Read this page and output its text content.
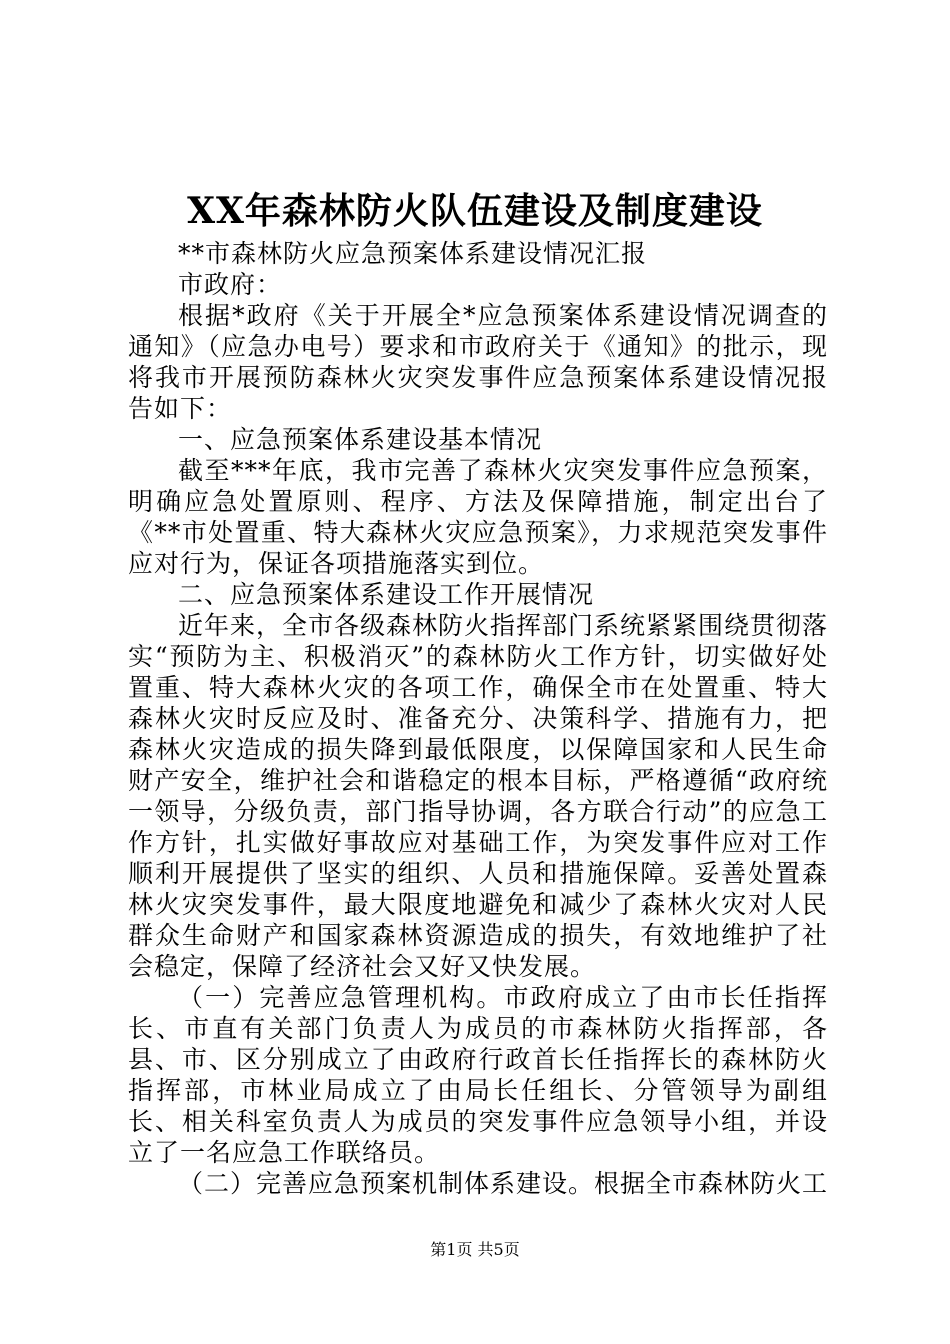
XX年森林防火队伍建设及制度建设

**市森林防火应急预案体系建设情况汇报

市政府：

根据*政府《关于开展全*应急预案体系建设情况调查的通知》（应急办电号）要求和市政府关于《通知》的批示，现将我市开展预防森林火灾突发事件应急预案体系建设情况报告如下：

一、应急预案体系建设基本情况

截至***年底，我市完善了森林火灾突发事件应急预案，明确应急处置原则、程序、方法及保障措施，制定出台了《**市处置重、特大森林火灾应急预案》，力求规范突发事件应对行为，保证各项措施落实到位。

二、应急预案体系建设工作开展情况

近年来，全市各级森林防火指挥部门系统紧紧围绕贯彻落实“预防为主、积极消灭”的森林防火工作方针，切实做好处置重、特大森林火灾的各项工作，确保全市在处置重、特大森林火灾时反应及时、准备充分、决策科学、措施有力，把森林火灾造成的损失降到最低限度，以保障国家和人民生命财产安全，维护社会和谐稳定的根本目标，严格遵循“政府统一领导，分级负责，部门指导协调，各方联合行动”的应急工作方针，扎实做好事故应对基础工作，为突发事件应对工作顺利开展提供了坚实的组织、人员和措施保障。妥善处置森林火灾突发事件，最大限度地避免和减少了森林火灾对人民群众生命财产和国家森林资源造成的损失，有效地维护了社会稳定，保障了经济社会又好又快发展。

（一）完善应急管理机构。市政府成立了由市长任指挥长、市直有关部门负责人为成员的市森林防火指挥部，各县、市、区分别成立了由政府行政首长任指挥长的森林防火指挥部，市林业局成立了由局长任组长、分管领导为副组长、相关科室负责人为成员的突发事件应急领导小组，并设立了一名应急工作联络员。

（二）完善应急预案机制体系建设。根据全市森林防火工

第1页 共5页
